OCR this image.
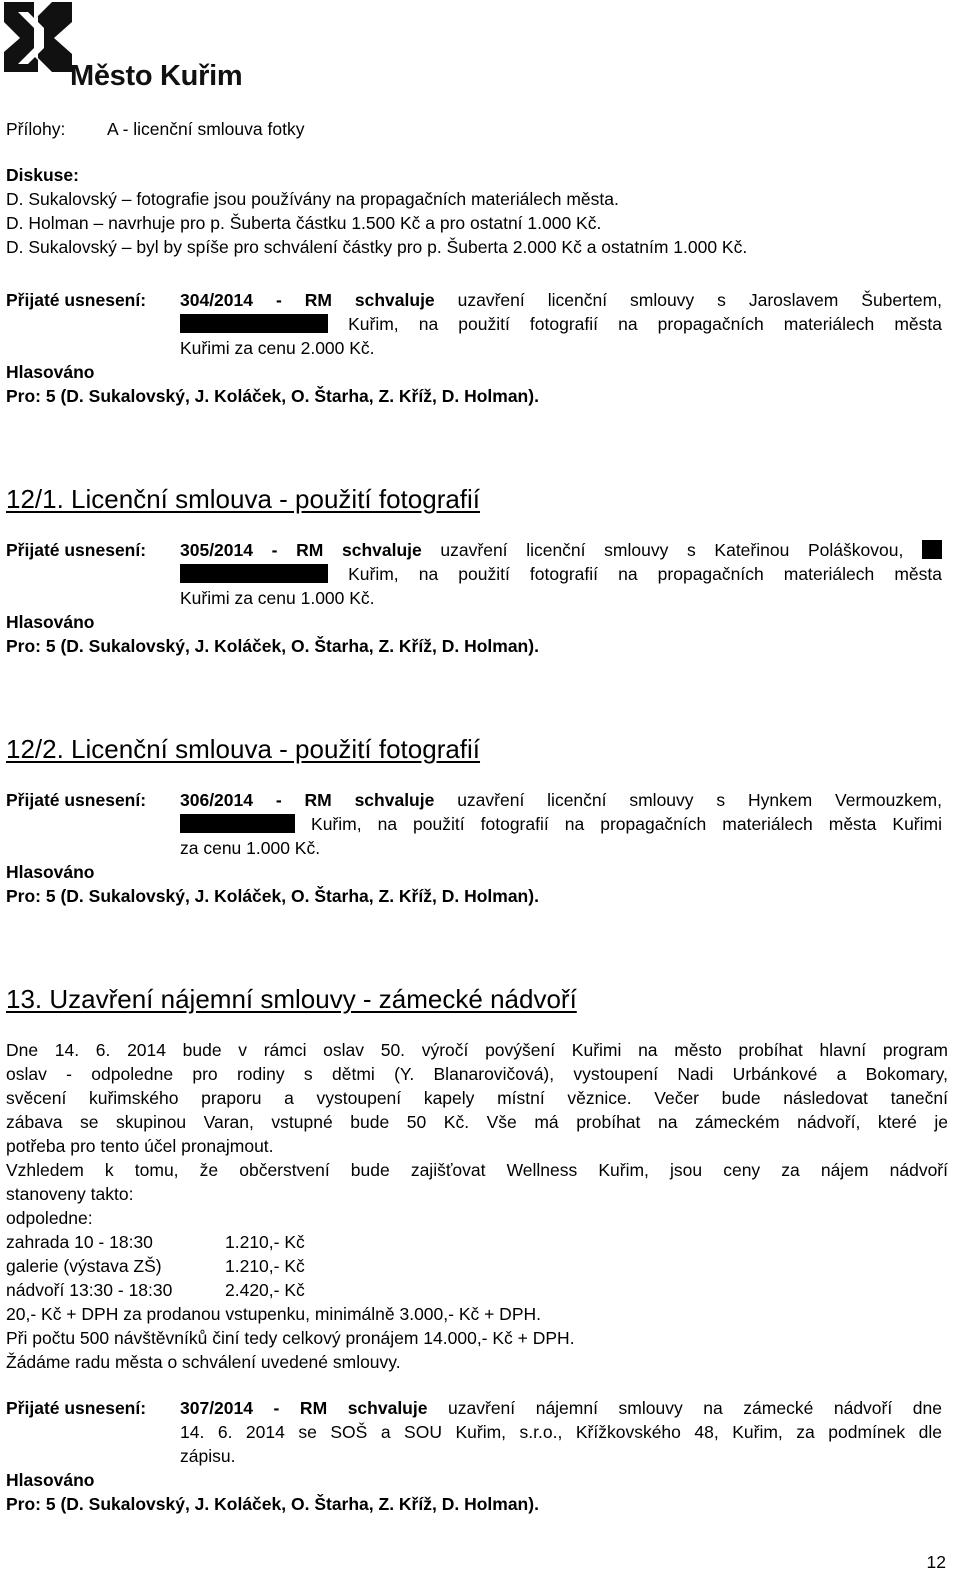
Město Kuřim
Přílohy: A - licenční smlouva fotky
Diskuse:
D. Sukalovský – fotografie jsou používány na propagačních materiálech města.
D. Holman – navrhuje pro p. Šuberta částku 1.500 Kč a pro ostatní 1.000 Kč.
D. Sukalovský – byl by spíše pro schválení částky pro p. Šuberta 2.000 Kč a ostatním 1.000 Kč.
Přijaté usnesení: 304/2014 - RM schvaluje uzavření licenční smlouvy s Jaroslavem Šubertem,
Kuřim, na použití fotografií na propagačních materiálech města
Kuřimi za cenu 2.000 Kč.
Hlasováno
Pro: 5 (D. Sukalovský, J. Koláček, O. Štarha, Z. Kříž, D. Holman).
12/1. Licenční smlouva - použití fotografií
Přijaté usnesení: 305/2014 - RM schvaluje uzavření licenční smlouvy s Kateřinou Poláškovou,
Kuřim, na použití fotografií na propagačních materiálech města
Kuřimi za cenu 1.000 Kč.
Hlasováno
Pro: 5 (D. Sukalovský, J. Koláček, O. Štarha, Z. Kříž, D. Holman).
12/2. Licenční smlouva - použití fotografií
Přijaté usnesení: 306/2014 - RM schvaluje uzavření licenční smlouvy s Hynkem Vermouzkem,
Kuřim, na použití fotografií na propagačních materiálech města Kuřimi
za cenu 1.000 Kč.
Hlasováno
Pro: 5 (D. Sukalovský, J. Koláček, O. Štarha, Z. Kříž, D. Holman).
13. Uzavření nájemní smlouvy - zámecké nádvoří
Dne 14. 6. 2014 bude v rámci oslav 50. výročí povýšení Kuřimi na město probíhat hlavní program
oslav - odpoledne pro rodiny s dětmi (Y. Blanarovičová), vystoupení Nadi Urbánkové a Bokomary,
svěcení kuřimského praporu a vystoupení kapely místní věznice. Večer bude následovat taneční
zábava se skupinou Varan, vstupné bude 50 Kč. Vše má probíhat na zámeckém nádvoří, které je
potřeba pro tento účel pronajmout.
Vzhledem k tomu, že občerstvení bude zajišťovat Wellness Kuřim, jsou ceny za nájem nádvoří
stanoveny takto:
odpoledne:
zahrada 10 - 18:30	1.210,- Kč
galerie (výstava ZŠ)	1.210,- Kč
nádvoří 13:30 - 18:30	2.420,- Kč
20,- Kč + DPH za prodanou vstupenku, minimálně 3.000,- Kč + DPH.
Při počtu 500 návštěvníků činí tedy celkový pronájem 14.000,- Kč + DPH.
Žádáme radu města o schválení uvedené smlouvy.
Přijaté usnesení: 307/2014 - RM schvaluje uzavření nájemní smlouvy na zámecké nádvoří dne
14. 6. 2014 se SOŠ a SOU Kuřim, s.r.o., Křížkovského 48, Kuřim, za podmínek dle
zápisu.
Hlasováno
Pro: 5 (D. Sukalovský, J. Koláček, O. Štarha, Z. Kříž, D. Holman).
12
